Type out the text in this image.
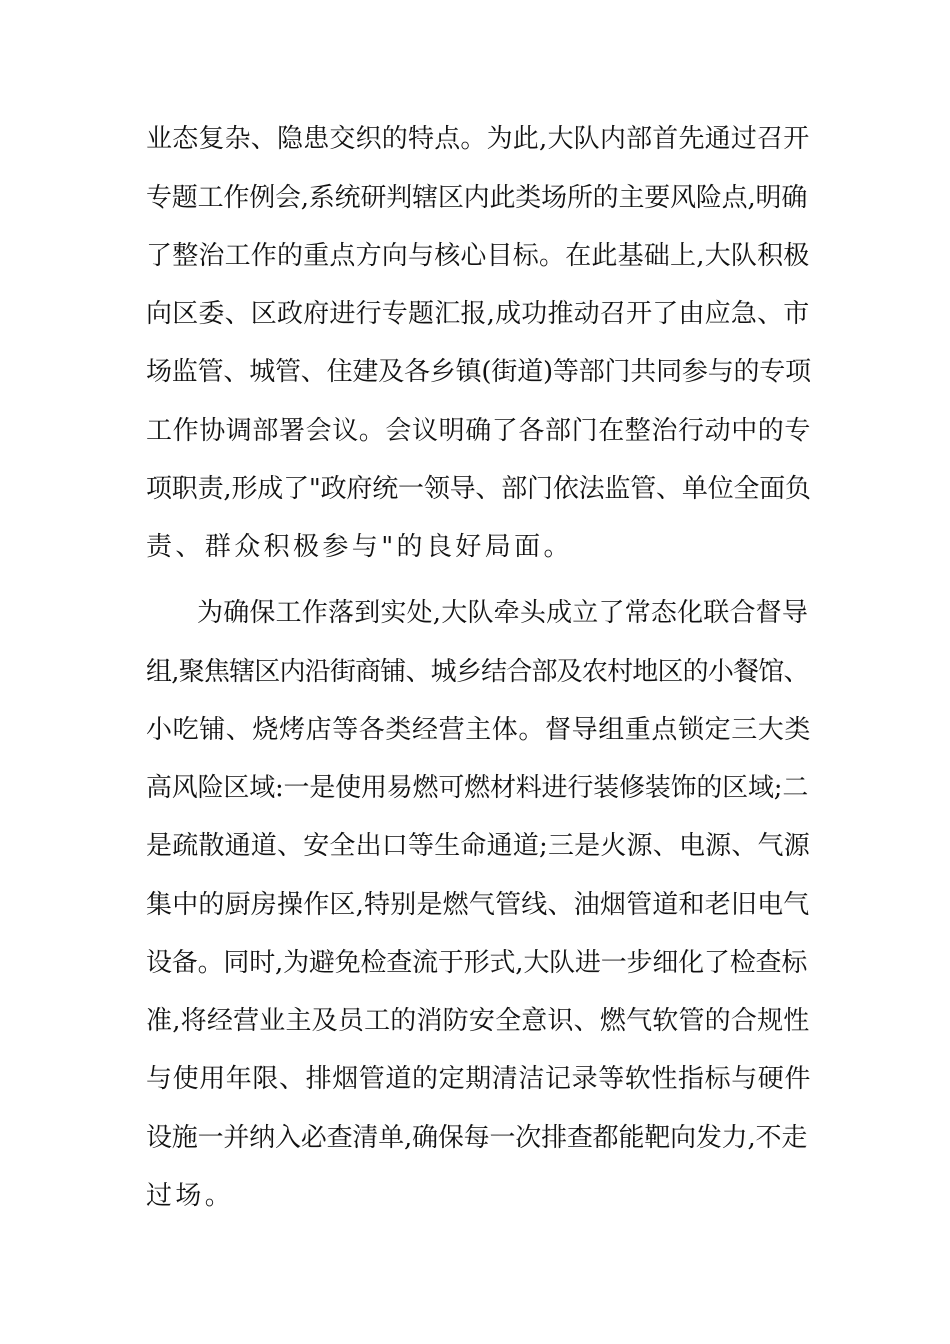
业态复杂、隐患交织的特点。为此,大队内部首先通过召开
专题工作例会,系统研判辖区内此类场所的主要风险点,明确
了整治工作的重点方向与核心目标。在此基础上,大队积极
向区委、区政府进行专题汇报,成功推动召开了由应急、市
场监管、城管、住建及各乡镇(街道)等部门共同参与的专项
工作协调部署会议。会议明确了各部门在整治行动中的专
项职责,形成了"政府统一领导、部门依法监管、单位全面负
责、群众积极参与"的良好局面。
为确保工作落到实处,大队牵头成立了常态化联合督导
组,聚焦辖区内沿街商铺、城乡结合部及农村地区的小餐馆、
小吃铺、烧烤店等各类经营主体。督导组重点锁定三大类
高风险区域:一是使用易燃可燃材料进行装修装饰的区域;二
是疏散通道、安全出口等生命通道;三是火源、电源、气源
集中的厨房操作区,特别是燃气管线、油烟管道和老旧电气
设备。同时,为避免检查流于形式,大队进一步细化了检查标
准,将经营业主及员工的消防安全意识、燃气软管的合规性
与使用年限、排烟管道的定期清洁记录等软性指标与硬件
设施一并纳入必查清单,确保每一次排查都能靶向发力,不走
过场。
